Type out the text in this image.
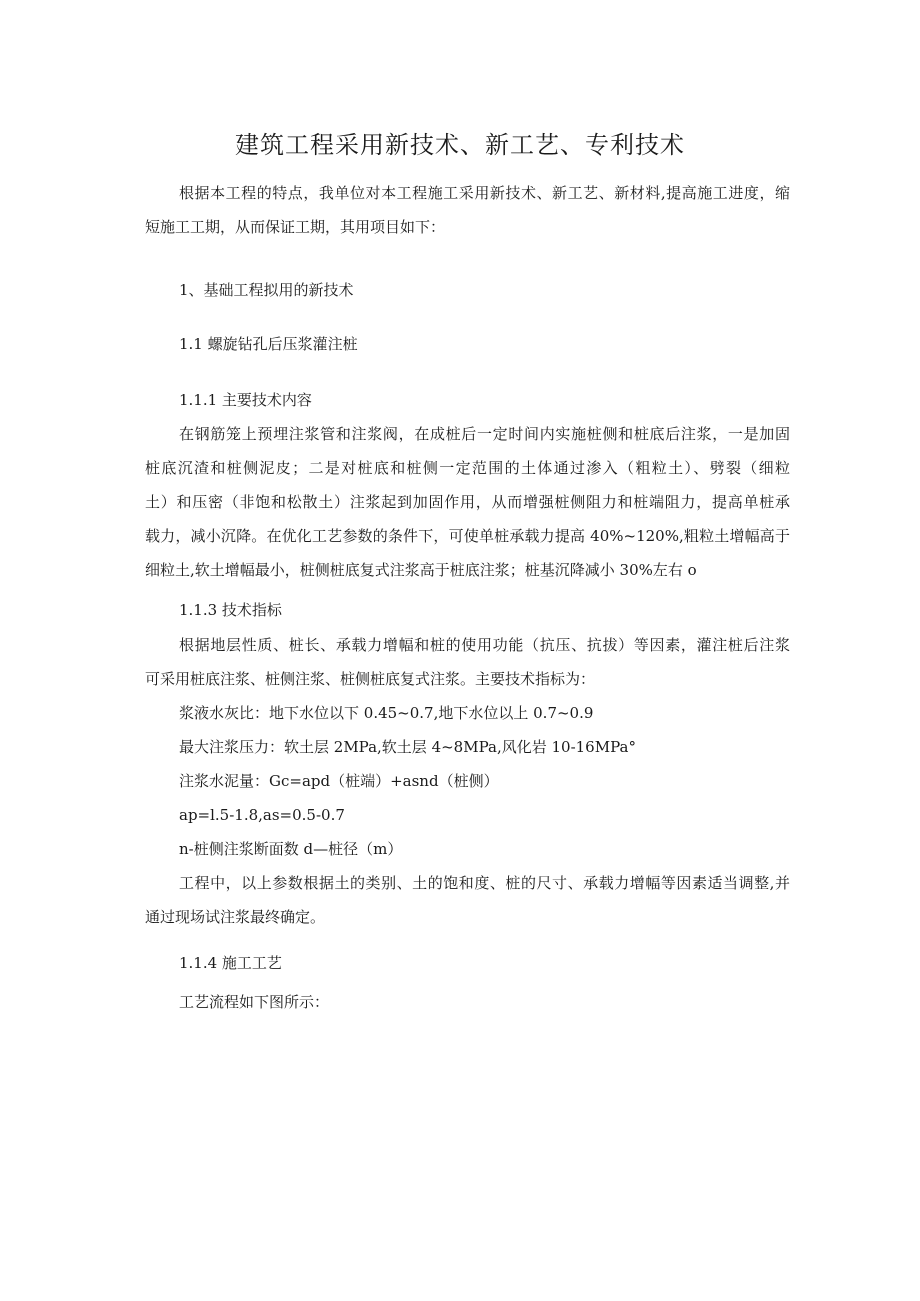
建筑工程采用新技术、新工艺、专利技术
根据本工程的特点，我单位对本工程施工采用新技术、新工艺、新材料,提高施工进度，缩
短施工工期，从而保证工期，其用项目如下：
1、基础工程拟用的新技术
1.1 螺旋钻孔后压浆灌注桩
1.1.1 主要技术内容
在钢筋笼上预埋注浆管和注浆阀，在成桩后一定时间内实施桩侧和桩底后注浆，一是加固
桩底沉渣和桩侧泥皮；二是对桩底和桩侧一定范围的土体通过渗入（粗粒土）、劈裂（细粒
土）和压密（非饱和松散土）注浆起到加固作用，从而增强桩侧阻力和桩端阻力，提高单桩承
载力，减小沉降。在优化工艺参数的条件下，可使单桩承载力提高 40%~120%,粗粒土增幅高于
细粒土,软土增幅最小，桩侧桩底复式注浆高于桩底注浆；桩基沉降减小 30%左右 o
1.1.3 技术指标
根据地层性质、桩长、承载力增幅和桩的使用功能（抗压、抗拔）等因素，灌注桩后注浆
可采用桩底注浆、桩侧注浆、桩侧桩底复式注浆。主要技术指标为：
浆液水灰比：地下水位以下 0.45~0.7,地下水位以上 0.7~0.9
最大注浆压力：软土层 2MPa,软土层 4~8MPa,风化岩 10-16MPa°
注浆水泥量：Gc=apd（桩端）+asnd（桩侧）
ap=l.5-1.8,as=0.5-0.7
n-桩侧注浆断面数 d—桩径（m）
工程中，以上参数根据土的类别、土的饱和度、桩的尺寸、承载力增幅等因素适当调整,并
通过现场试注浆最终确定。
1.1.4 施工工艺
工艺流程如下图所示：
